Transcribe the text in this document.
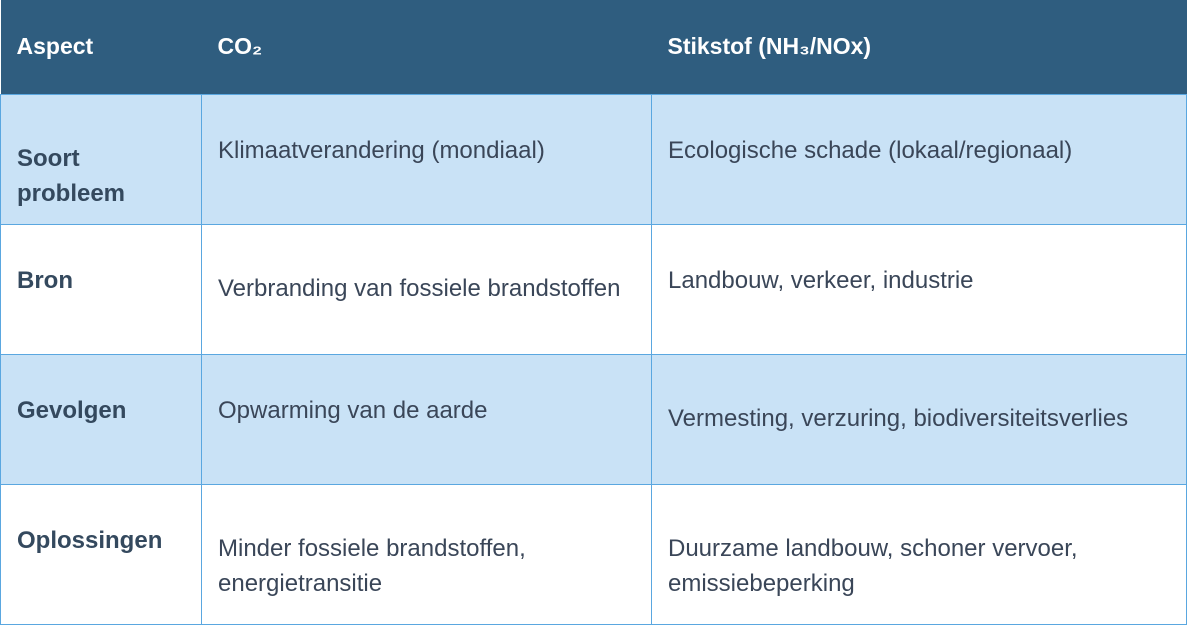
Aspect	CO₂	Stikstof (NH₃/NOx)
Soort probleem	Klimaatverandering (mondiaal)	Ecologische schade (lokaal/regionaal)
Bron	Verbranding van fossiele brandstoffen	Landbouw, verkeer, industrie
Gevolgen	Opwarming van de aarde	Vermesting, verzuring, biodiversiteitsverlies
Oplossingen	Minder fossiele brandstoffen, energietransitie	Duurzame landbouw, schoner vervoer, emissiebeperking
